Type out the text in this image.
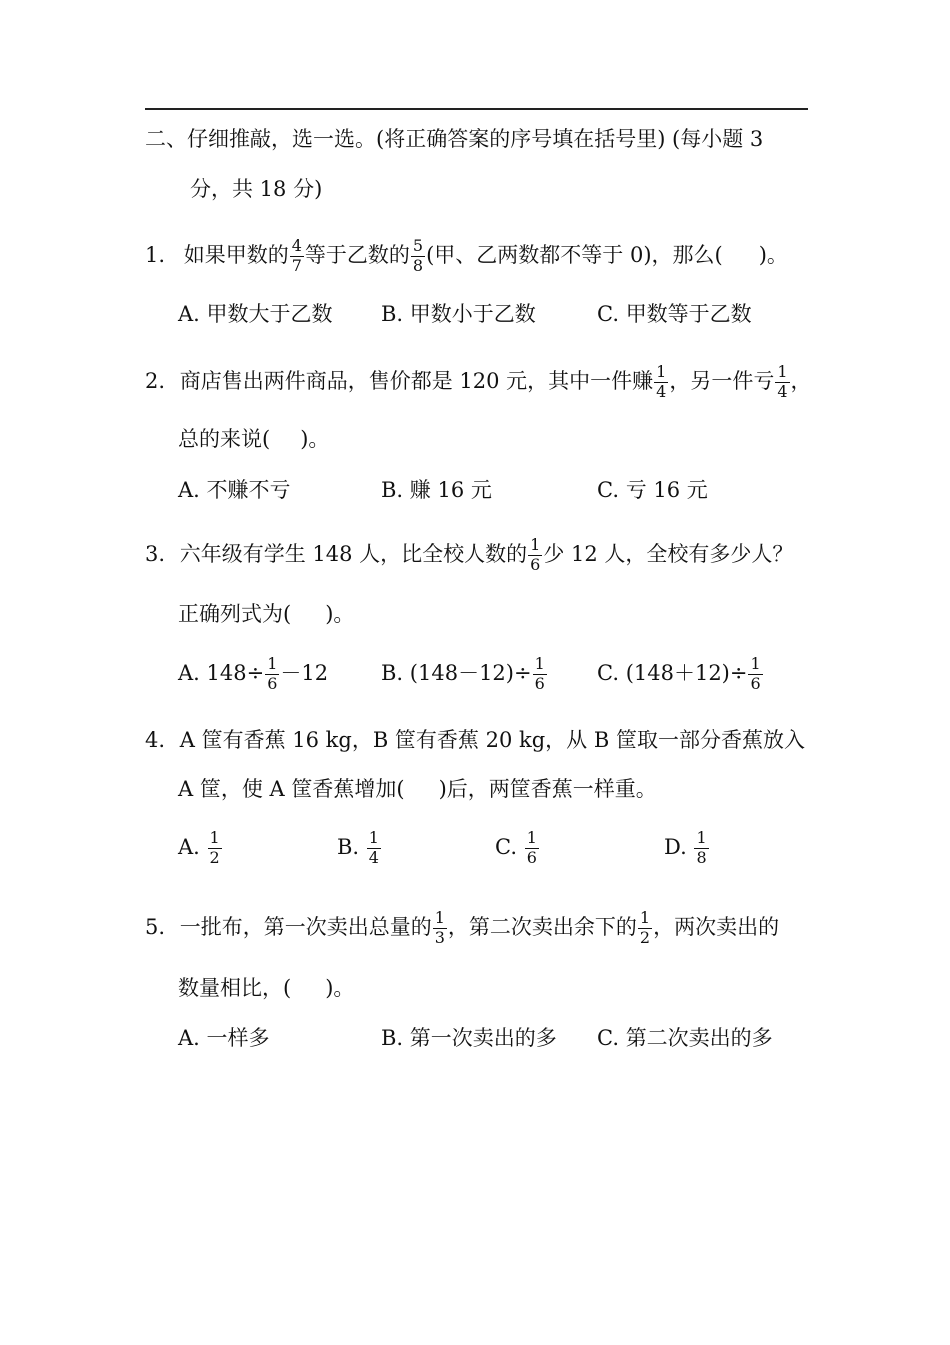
二、仔细推敲，选一选。(将正确答案的序号填在括号里) (每小题 3
分，共 18 分)
1. 如果甲数的 $\frac{4}{7}$ 等于乙数的 $\frac{5}{8}$ (甲、乙两数都不等于 0)，那么( )。
A. 甲数大于乙数 B. 甲数小于乙数	C. 甲数等于乙数
2. 商店售出两件商品，售价都是 120 元，其中一件赚 $\frac{1}{4}$ ，另一件亏 $\frac{1}{4}$ ，
总的来说( )。
A. 不赚不亏	B. 赚 16 元	C. 亏 16 元
3. 六年级有学生 148 人，比全校人数的 $\frac{1}{6}$ 少 12 人，全校有多少人？
正确列式为( )。
A. $148\div \frac{1}{6} -12$	B. $(148-12)\div \frac{1}{6} C$. $(148+12)\div \frac{1}{6}$
4. A 筐有香蕉 16 kg，B 筐有香蕉 20 kg，从 B 筐取一部分香蕉放入
A 筐，使 A 筐香蕉增加( )后，两筐香蕉一样重。
A. $\frac{1}{2}$	B. $\frac{1}{4}$	C. $\frac{1}{6}$	D. $\frac{1}{8}$
5. 一批布，第一次卖出总量的 $\frac{1}{3}$ ，第二次卖出余下的 $\frac{1}{2}$ ，两次卖出的
数量相比，( )。
A. 一样多	B. 第一次卖出的多 C. 第二次卖出的多
